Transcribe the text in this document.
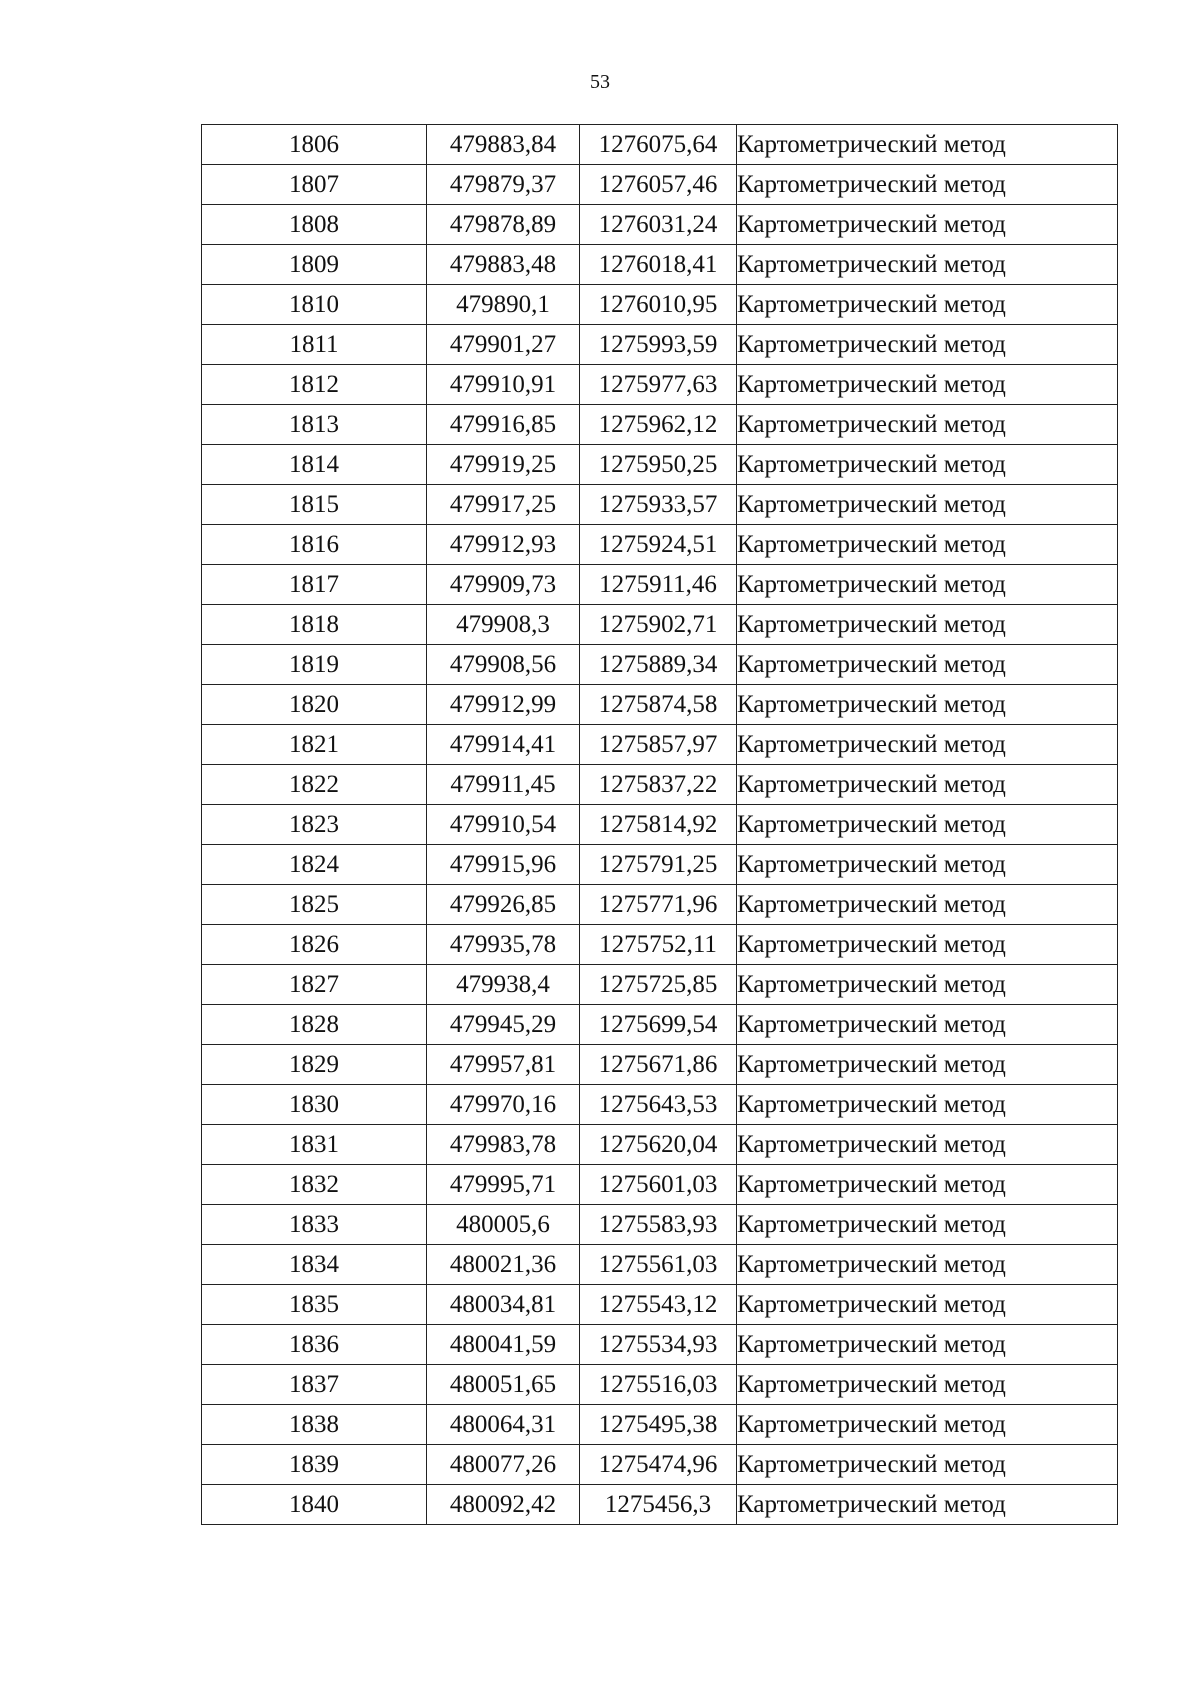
53
1806	479883,84	1276075,64	Картометрический метод
1807	479879,37	1276057,46	Картометрический метод
1808	479878,89	1276031,24	Картометрический метод
1809	479883,48	1276018,41	Картометрический метод
1810	479890,1	1276010,95	Картометрический метод
1811	479901,27	1275993,59	Картометрический метод
1812	479910,91	1275977,63	Картометрический метод
1813	479916,85	1275962,12	Картометрический метод
1814	479919,25	1275950,25	Картометрический метод
1815	479917,25	1275933,57	Картометрический метод
1816	479912,93	1275924,51	Картометрический метод
1817	479909,73	1275911,46	Картометрический метод
1818	479908,3	1275902,71	Картометрический метод
1819	479908,56	1275889,34	Картометрический метод
1820	479912,99	1275874,58	Картометрический метод
1821	479914,41	1275857,97	Картометрический метод
1822	479911,45	1275837,22	Картометрический метод
1823	479910,54	1275814,92	Картометрический метод
1824	479915,96	1275791,25	Картометрический метод
1825	479926,85	1275771,96	Картометрический метод
1826	479935,78	1275752,11	Картометрический метод
1827	479938,4	1275725,85	Картометрический метод
1828	479945,29	1275699,54	Картометрический метод
1829	479957,81	1275671,86	Картометрический метод
1830	479970,16	1275643,53	Картометрический метод
1831	479983,78	1275620,04	Картометрический метод
1832	479995,71	1275601,03	Картометрический метод
1833	480005,6	1275583,93	Картометрический метод
1834	480021,36	1275561,03	Картометрический метод
1835	480034,81	1275543,12	Картометрический метод
1836	480041,59	1275534,93	Картометрический метод
1837	480051,65	1275516,03	Картометрический метод
1838	480064,31	1275495,38	Картометрический метод
1839	480077,26	1275474,96	Картометрический метод
1840	480092,42	1275456,3	Картометрический метод
